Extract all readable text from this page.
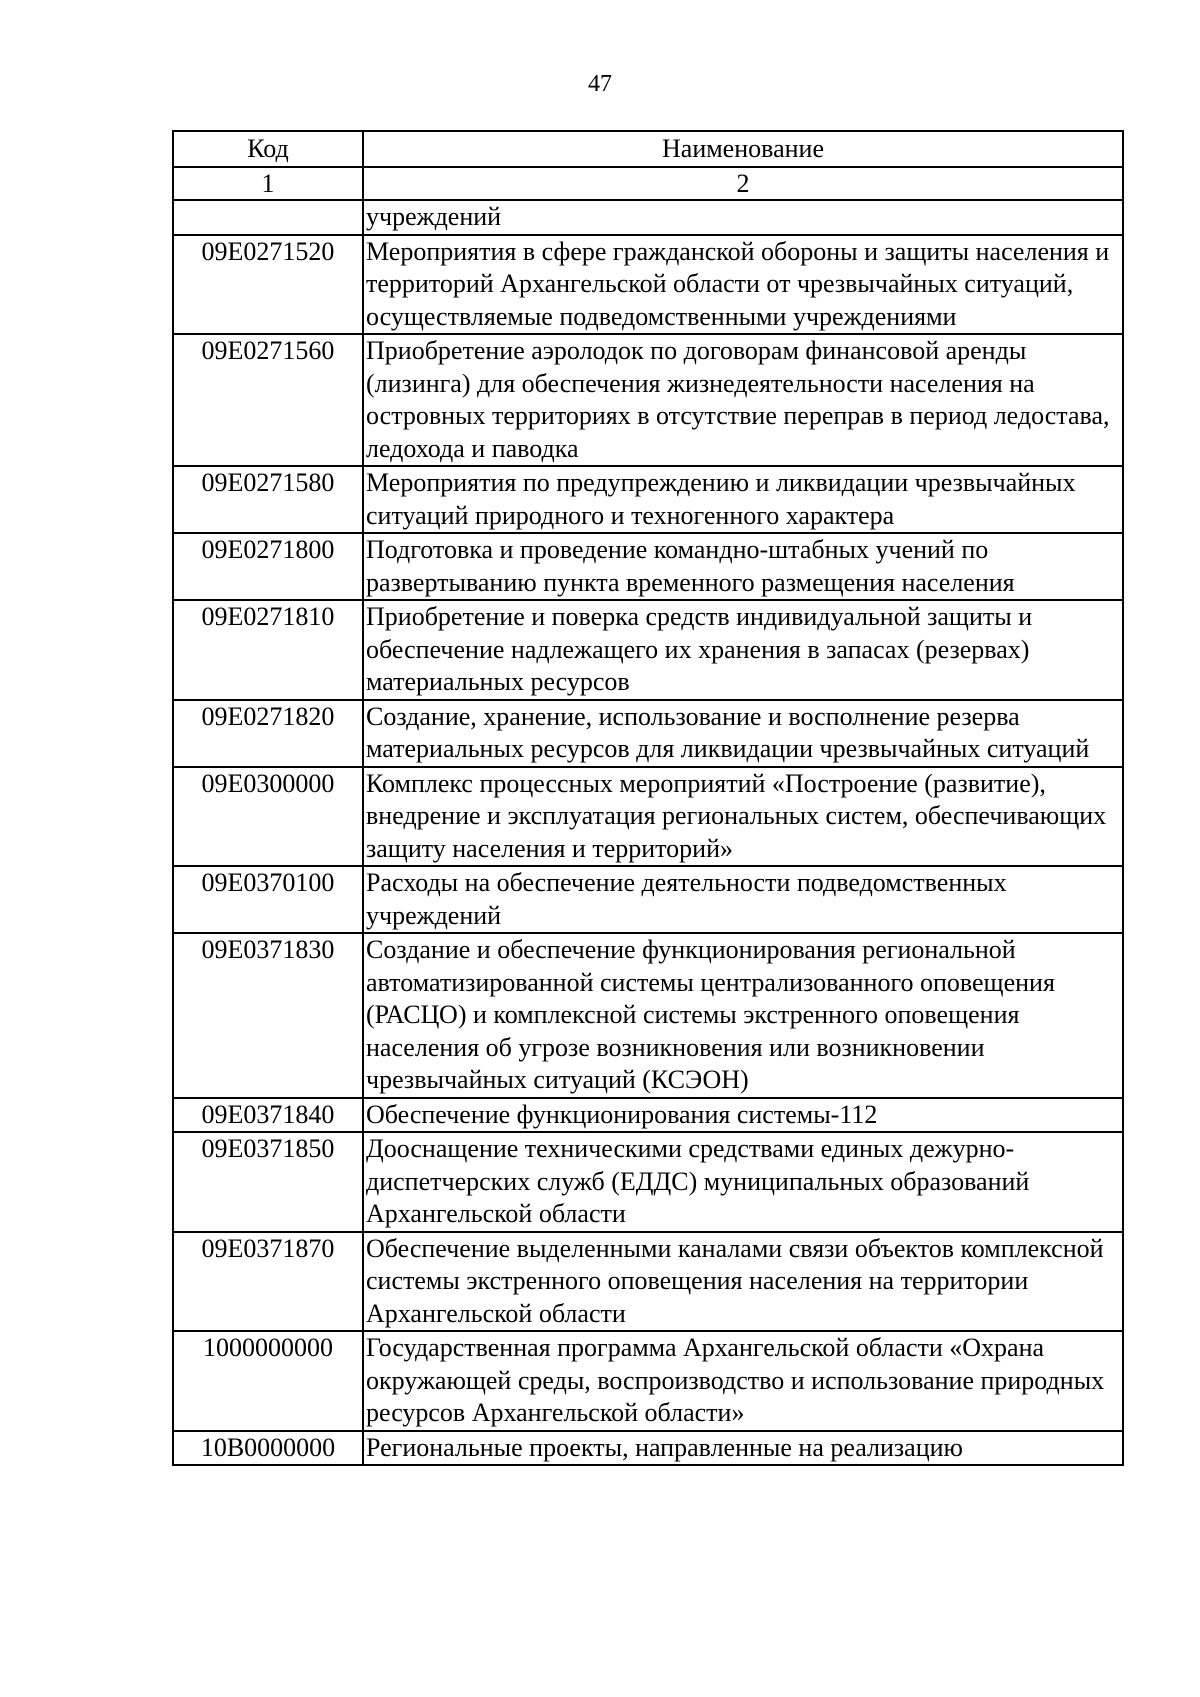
47
Код	Наименование
1	2
	учреждений
09Е0271520	Мероприятия в сфере гражданской обороны и защиты населения и территорий Архангельской области от чрезвычайных ситуаций, осуществляемые подведомственными учреждениями
09Е0271560	Приобретение аэролодок по договорам финансовой аренды (лизинга) для обеспечения жизнедеятельности населения на островных территориях в отсутствие переправ в период ледостава, ледохода и паводка
09Е0271580	Мероприятия по предупреждению и ликвидации чрезвычайных ситуаций природного и техногенного характера
09Е0271800	Подготовка и проведение командно-штабных учений по развертыванию пункта временного размещения населения
09Е0271810	Приобретение и поверка средств индивидуальной защиты и обеспечение надлежащего их хранения в запасах (резервах) материальных ресурсов
09Е0271820	Создание, хранение, использование и восполнение резерва материальных ресурсов для ликвидации чрезвычайных ситуаций
09Е0300000	Комплекс процессных мероприятий «Построение (развитие), внедрение и эксплуатация региональных систем, обеспечивающих защиту населения и территорий»
09Е0370100	Расходы на обеспечение деятельности подведомственных учреждений
09Е0371830	Создание и обеспечение функционирования региональной автоматизированной системы централизованного оповещения (РАСЦО) и комплексной системы экстренного оповещения населения об угрозе возникновения или возникновении чрезвычайных ситуаций (КСЭОН)
09Е0371840	Обеспечение функционирования системы-112
09Е0371850	Дооснащение техническими средствами единых дежурно-диспетчерских служб (ЕДДС) муниципальных образований Архангельской области
09Е0371870	Обеспечение выделенными каналами связи объектов комплексной системы экстренного оповещения населения на территории Архангельской области
1000000000	Государственная программа Архангельской области «Охрана окружающей среды, воспроизводство и использование природных ресурсов Архангельской области»
10В0000000	Региональные проекты, направленные на реализацию
